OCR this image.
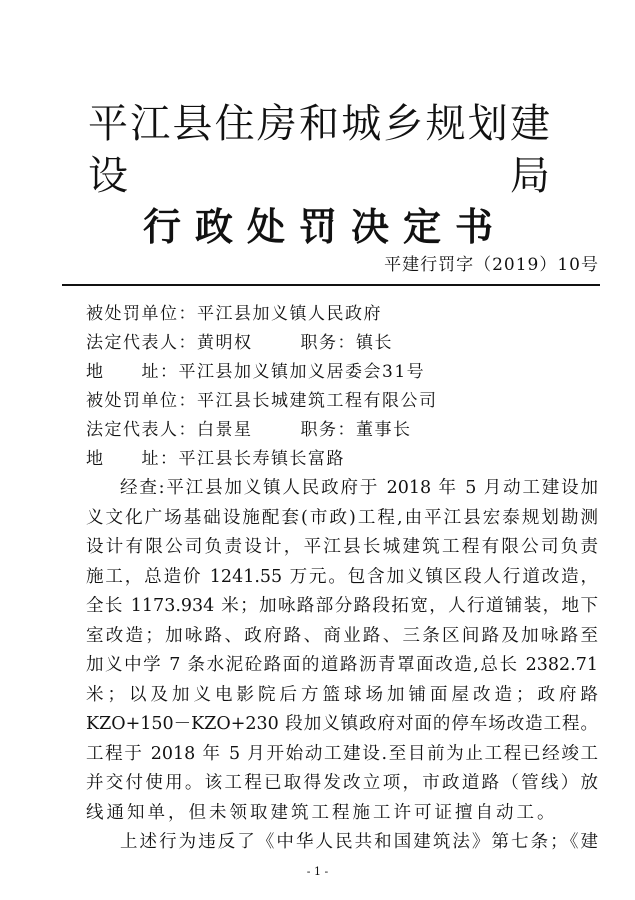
平江县住房和城乡规划建设局
行政处罚决定书
平建行罚字（2019）10号
被处罚单位：平江县加义镇人民政府
法定代表人：黄明权	职务：镇长
地　　址：平江县加义镇加义居委会31号
被处罚单位：平江县长城建筑工程有限公司
法定代表人：白景星	职务：董事长
地　　址：平江县长寿镇长富路
经查:平江县加义镇人民政府于 2018 年 5 月动工建设加
义文化广场基础设施配套(市政)工程,由平江县宏泰规划勘测
设计有限公司负责设计，平江县长城建筑工程有限公司负责
施工，总造价 1241.55 万元。包含加义镇区段人行道改造，
全长 1173.934 米；加咏路部分路段拓宽，人行道铺装，地下
室改造；加咏路、政府路、商业路、三条区间路及加咏路至
加义中学 7 条水泥砼路面的道路沥青罩面改造,总长 2382.71
米；以及加义电影院后方篮球场加铺面屋改造；政府路
KZO+150－KZO+230 段加义镇政府对面的停车场改造工程。
工程于 2018 年 5 月开始动工建设.至目前为止工程已经竣工
并交付使用。该工程已取得发改立项，市政道路（管线）放
线通知单，但未领取建筑工程施工许可证擅自动工。
上述行为违反了《中华人民共和国建筑法》第七条；《建
- 1 -
